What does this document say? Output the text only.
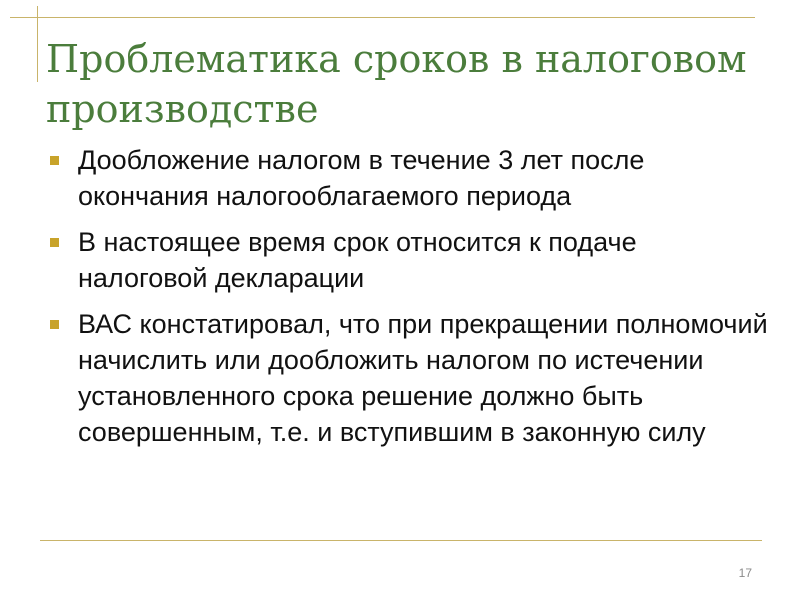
Проблематика сроков в налоговом производстве
Дообложение налогом в течение 3 лет после окончания налогооблагаемого периода
В настоящее время срок относится к подаче налоговой декларации
ВАС констатировал, что при прекращении полномочий начислить или дообложить налогом по истечении установленного срока решение должно быть совершенным, т.е. и вступившим в законную силу
17
